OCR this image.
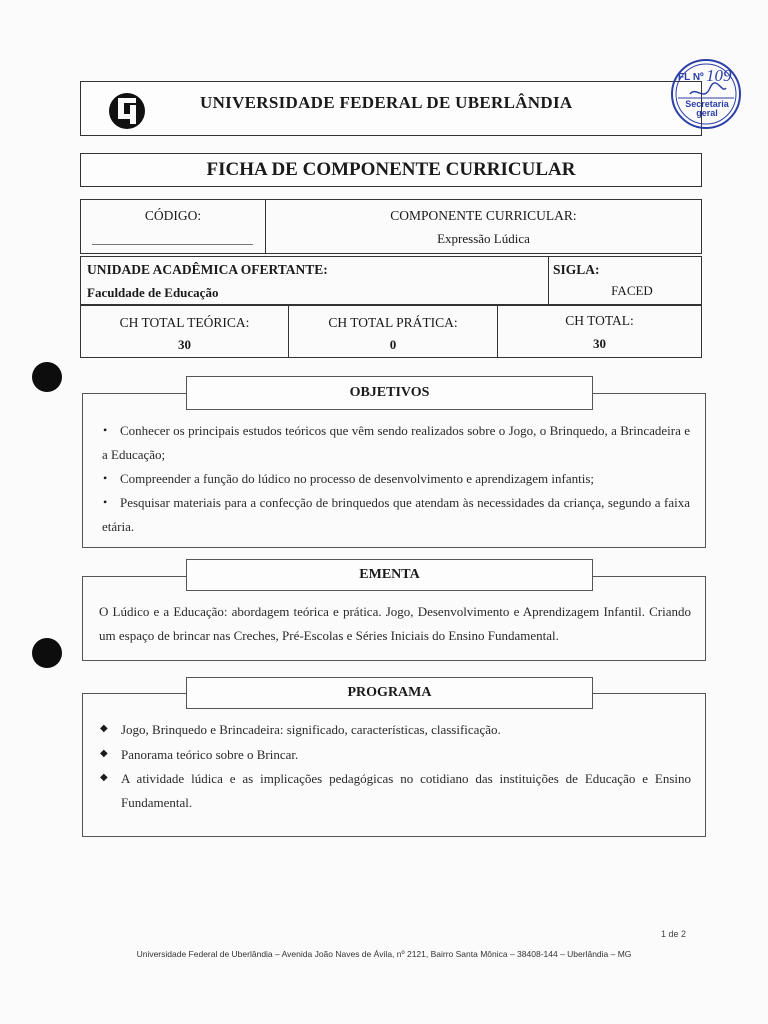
UNIVERSIDADE FEDERAL DE UBERLÂNDIA
FL Nº 109
Secretaria
geral
FICHA DE COMPONENTE CURRICULAR
CÓDIGO:	COMPONENTE CURRICULAR:
Expressão Lúdica
UNIDADE ACADÊMICA OFERTANTE:
Faculdade de Educação
SIGLA:
FACED
CH TOTAL TEÓRICA:
30
CH TOTAL PRÁTICA:
0
CH TOTAL:
30
OBJETIVOS
• Conhecer os principais estudos teóricos que vêm sendo realizados sobre o Jogo, o Brinquedo, a Brincadeira e a Educação;
• Compreender a função do lúdico no processo de desenvolvimento e aprendizagem infantis;
• Pesquisar materiais para a confecção de brinquedos que atendam às necessidades da criança, segundo a faixa etária.
EMENTA
O Lúdico e a Educação: abordagem teórica e prática. Jogo, Desenvolvimento e Aprendizagem Infantil. Criando um espaço de brincar nas Creches, Pré-Escolas e Séries Iniciais do Ensino Fundamental.
PROGRAMA
◆ Jogo, Brinquedo e Brincadeira: significado, características, classificação.
◆ Panorama teórico sobre o Brincar.
◆ A atividade lúdica e as implicações pedagógicas no cotidiano das instituições de Educação e Ensino Fundamental.
1 de 2
Universidade Federal de Uberlândia – Avenida João Naves de Ávila, nº 2121, Bairro Santa Mônica – 38408-144 – Uberlândia – MG
